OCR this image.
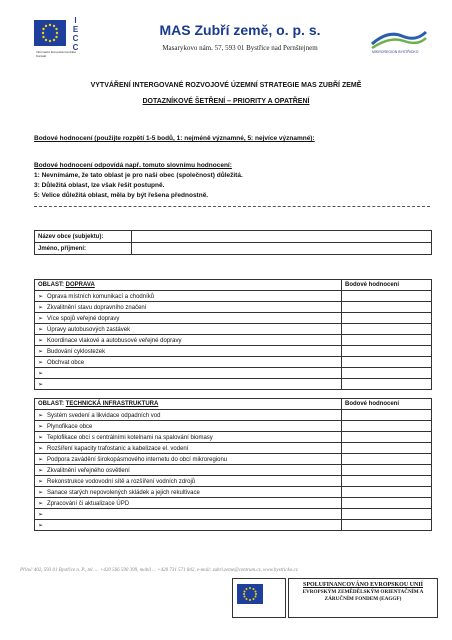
IECC
Informační Evropská Centrála Kontakt
MAS Zubří země, o. p. s.
Masarykovo nám. 57, 593 01 Bystřice nad Pernštejnem	MIKROREGION BYSTŘICKO
VYTVÁŘENÍ INTERGOVANÉ ROZVOJOVÉ ÚZEMNÍ STRATEGIE MAS ZUBŘÍ ZEMĚ
DOTAZNÍKOVÉ ŠETŘENÍ – PRIORITY A OPATŘENÍ
Bodové hodnocení (použijte rozpětí 1-5 bodů, 1: nejméně významné, 5: nejvíce významné):
Bodové hodnocení odpovídá např. tomuto slovnímu hodnocení:
1: Nevnímáme, že tato oblast je pro naši obec (společnost) důležitá.
3: Důležitá oblast, lze však řešit postupně.
5: Velice důležitá oblast, měla by být řešena přednostně.
Název obce (subjektu):	
Jméno, příjmení:	
OBLAST: DOPRAVA	Bodové hodnocení
➢ Oprava místních komunikací a chodníků	
➢ Zkvalitnění stavu dopravního značení	
➢ Více spojů veřejné dopravy	
➢ Úpravy autobusových zastávek	
➢ Koordinace vlakové a autobusové veřejné dopravy	
➢ Budování cyklostezek	
➢ Obchvat obce	
➢	
➢	
OBLAST: TECHNICKÁ INFRASTRUKTURA	Bodové hodnocení
➢ Systém svedení a likvidace odpadních vod	
➢ Plynofikace obce	
➢ Teplofikace obcí s centrálními kotelnami na spalování biomasy	
➢ Rozšíření kapacity trafostanic a kabelizace el. vodení	
➢ Podpora zavádění širokopásmového internetu do obcí mikroregionu	
➢ Zkvalitnění veřejného osvětlení	
➢ Rekonstrukce vodovodní sítě a rozšíření vodních zdrojů	
➢ Sanace starých nepovolených skládek a jejich rekultivace	
➢ Zpracování či aktualizace ÚPD	
➢	
➢	
Přítoč 402, 593 01 Bystřice n. P., tel. ... +420 566 590 399, mobil ... +420 731 571 842, e-mail: zubri.zeme@centrum.cz, www.bystricko.cz
SPOLUFINANCOVÁNO EVROPSKOU UNIÍ
EVROPSKÝM ZEMĚDĚLSKÝM ORIENTAČNÍM A ZÁRUČNÍM FONDEM (EAGGF)
